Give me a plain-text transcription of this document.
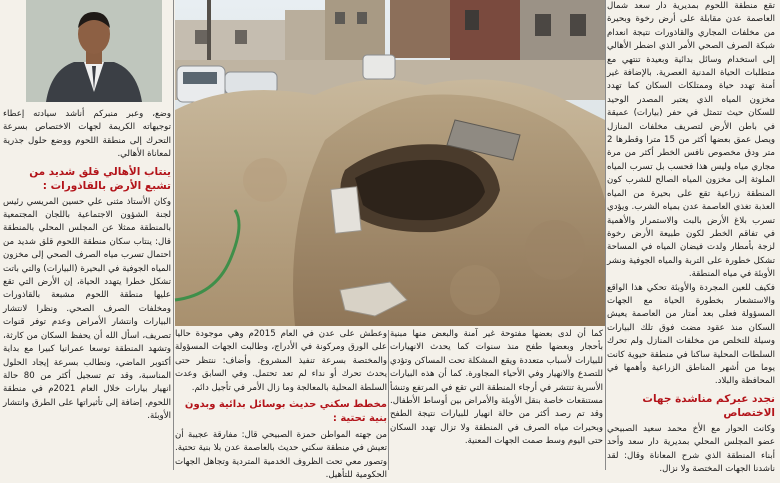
تقع منطقة اللحوم بمديرية دار سعد شمال العاصمة عدن مقابلة على أرض رخوة وبحيرة من مخلفات المجاري والقاذورات نتيجة انعدام شبكة الصرف الصحي الأمر الذي اضطر الأهالي إلى استخدام وسائل بدائية وبعيدة تنتهي مع متطلبات الحياة المدنية العصرية. بالإضافة غير أمنة تهدد حياة وممتلكات السكان كما تهدد مخزون المياه الذي يعتبر المصدر الوحيد للسكان حيث تتمثل في حفر (بيارات) عميقة في باطن الأرض لتصريف مخلفات المنازل ويصل عمق بعضها أكثر من 15 مترا وقطرها 2 متر ودق مخصوص نافس الخطر أكثر من مرة مجاري مياه وليس هذا فحسب بل تسرب المياه الملوثة إلى مخزون المياه الصالح للشرب كون المنطقة زراعية تقع على بحيرة من المياه العذبة تغذي العاصمة عدن بمياه الشرب. ويؤدي تسرب بلاغ الأرض بالبت والاستمرار والأهمية في تفاقم الخطر لكون طبيعة الأرض رخوة لزجة بأمطار ولدت فيضان المياه في المساحة تشكل خطورة على التربة والمياه الجوفية ونشر الأوبئة في مياه المنطقة.

فكيف للعين المجردة والأوبئة تحكي هذا الواقع والاستشعار بخطورة الحياة مع الجهات المسؤولة فعلى بعد أمتار من العاصمة يعيش السكان منذ عقود مضت فوق تلك البيارات وسيلة للتخلص من مخلفات المنازل ولم تحرك السلطات المحلية ساكنا في منطقة حيوية كانت يوما من أشهر المناطق الزراعية وأهمها في المحافظة والبلاد.

نجدد عبركم مناشدة جهات الاختصاص

وكانت الحوار مع الأخ محمد سعيد الصبيحي عضو المجلس المحلي بمديرية دار سعد وأحد أبناء المنطقة الذي شرح المعاناة وقال: لقد ناشدنا الجهات المختصة ولا نزال.

كما أن لدى بعضها مفتوحة غير آمنة والبعض منها مبنية بأحجار وبعضها طفح منذ سنوات كما يحدث الانهيارات للبيارات لأسباب متعددة ويقع المشكلة تحت المساكن وتؤدي للتصدع والانهيار وفي الأحياء المجاورة. كما أن هذه البيارات الأسرية تنتشر في أرجاء المنطقة التي تقع في المرتفع وتنشأ مستنقعات خاصة بنقل الأوبئة والأمراض بين أوساط الأطفال. وقد تم رصد أكثر من حالة انهيار للبيارات نتيجة الطفح وبحيرات مياه الصرف في المنطقة ولا تزال تهدد السكان حتى اليوم وسط صمت الجهات المعنية.

وعطش على عدن في العام 2015م وهي موجودة حاليا على الورق ومركونة في الأدراج، وطالبت الجهات المسؤولة والمختصة بسرعة تنفيذ المشروع. وأضاف: ننتظر حتى يحدث تحرك أو نداء لم تعد تحتمل. وفي السابق وعدت السلطة المحلية بالمعالجة وما زال الأمر في تأجيل دائم.

مخطط سكني حديث بوسائل بدائية وبدون بنية تحتية :

من جهته المواطن حمزة الصبيحي قال: مفارقة عجيبة أن تعيش في منطقة سكني حديث بالعاصمة عدن بلا بنية تحتية. وتصور معي تحت الظروف الخدمية المتردية وتجاهل الجهات الحكومية للتأهيل.

وضع، وعبر منبركم أناشد سيادته إعطاء توجيهاته الكريمة لجهات الاختصاص بسرعة التحرك إلى منطقة اللحوم ووضع حلول جذرية لمعاناة الأهالي.

ينتاب الأهالي قلق شديد من تشبع الأرض بالقاذورات :

وكان الأستاذ مثنى علي حسين المريسي رئيس لجنة الشؤون الاجتماعية باللجان المجتمعية بالمنطقة ممثلا عن المجلس المحلي بالمنطقة قال: ينتاب سكان منطقة اللحوم قلق شديد من احتمال تسرب مياه الصرف الصحي إلى مخزون المياه الجوفية في البحيرة (البيارات) والتي باتت تشكل خطرا يتهدد الحياة، إن الأرض التي تقع عليها منطقة اللحوم مشبعة بالقاذورات ومخلفات الصرف الصحي. ونظرا لانتشار البيارات وانتشار الأمراض وعدم توفر قنوات تصريف، اسأل الله أن يحفظ السكان من كارثة، وتشهد المنطقة توسعا عمرانيا كبيرا مع بداية أكتوبر الماضي، ونطالب بسرعة إيجاد الحلول المناسبة، وقد تم تسجيل أكثر من 80 حالة انهيار بيارات خلال العام 2021م في منطقة اللحوم، إضافة إلى تأثيراتها على الطرق وانتشار الأوبئة.
